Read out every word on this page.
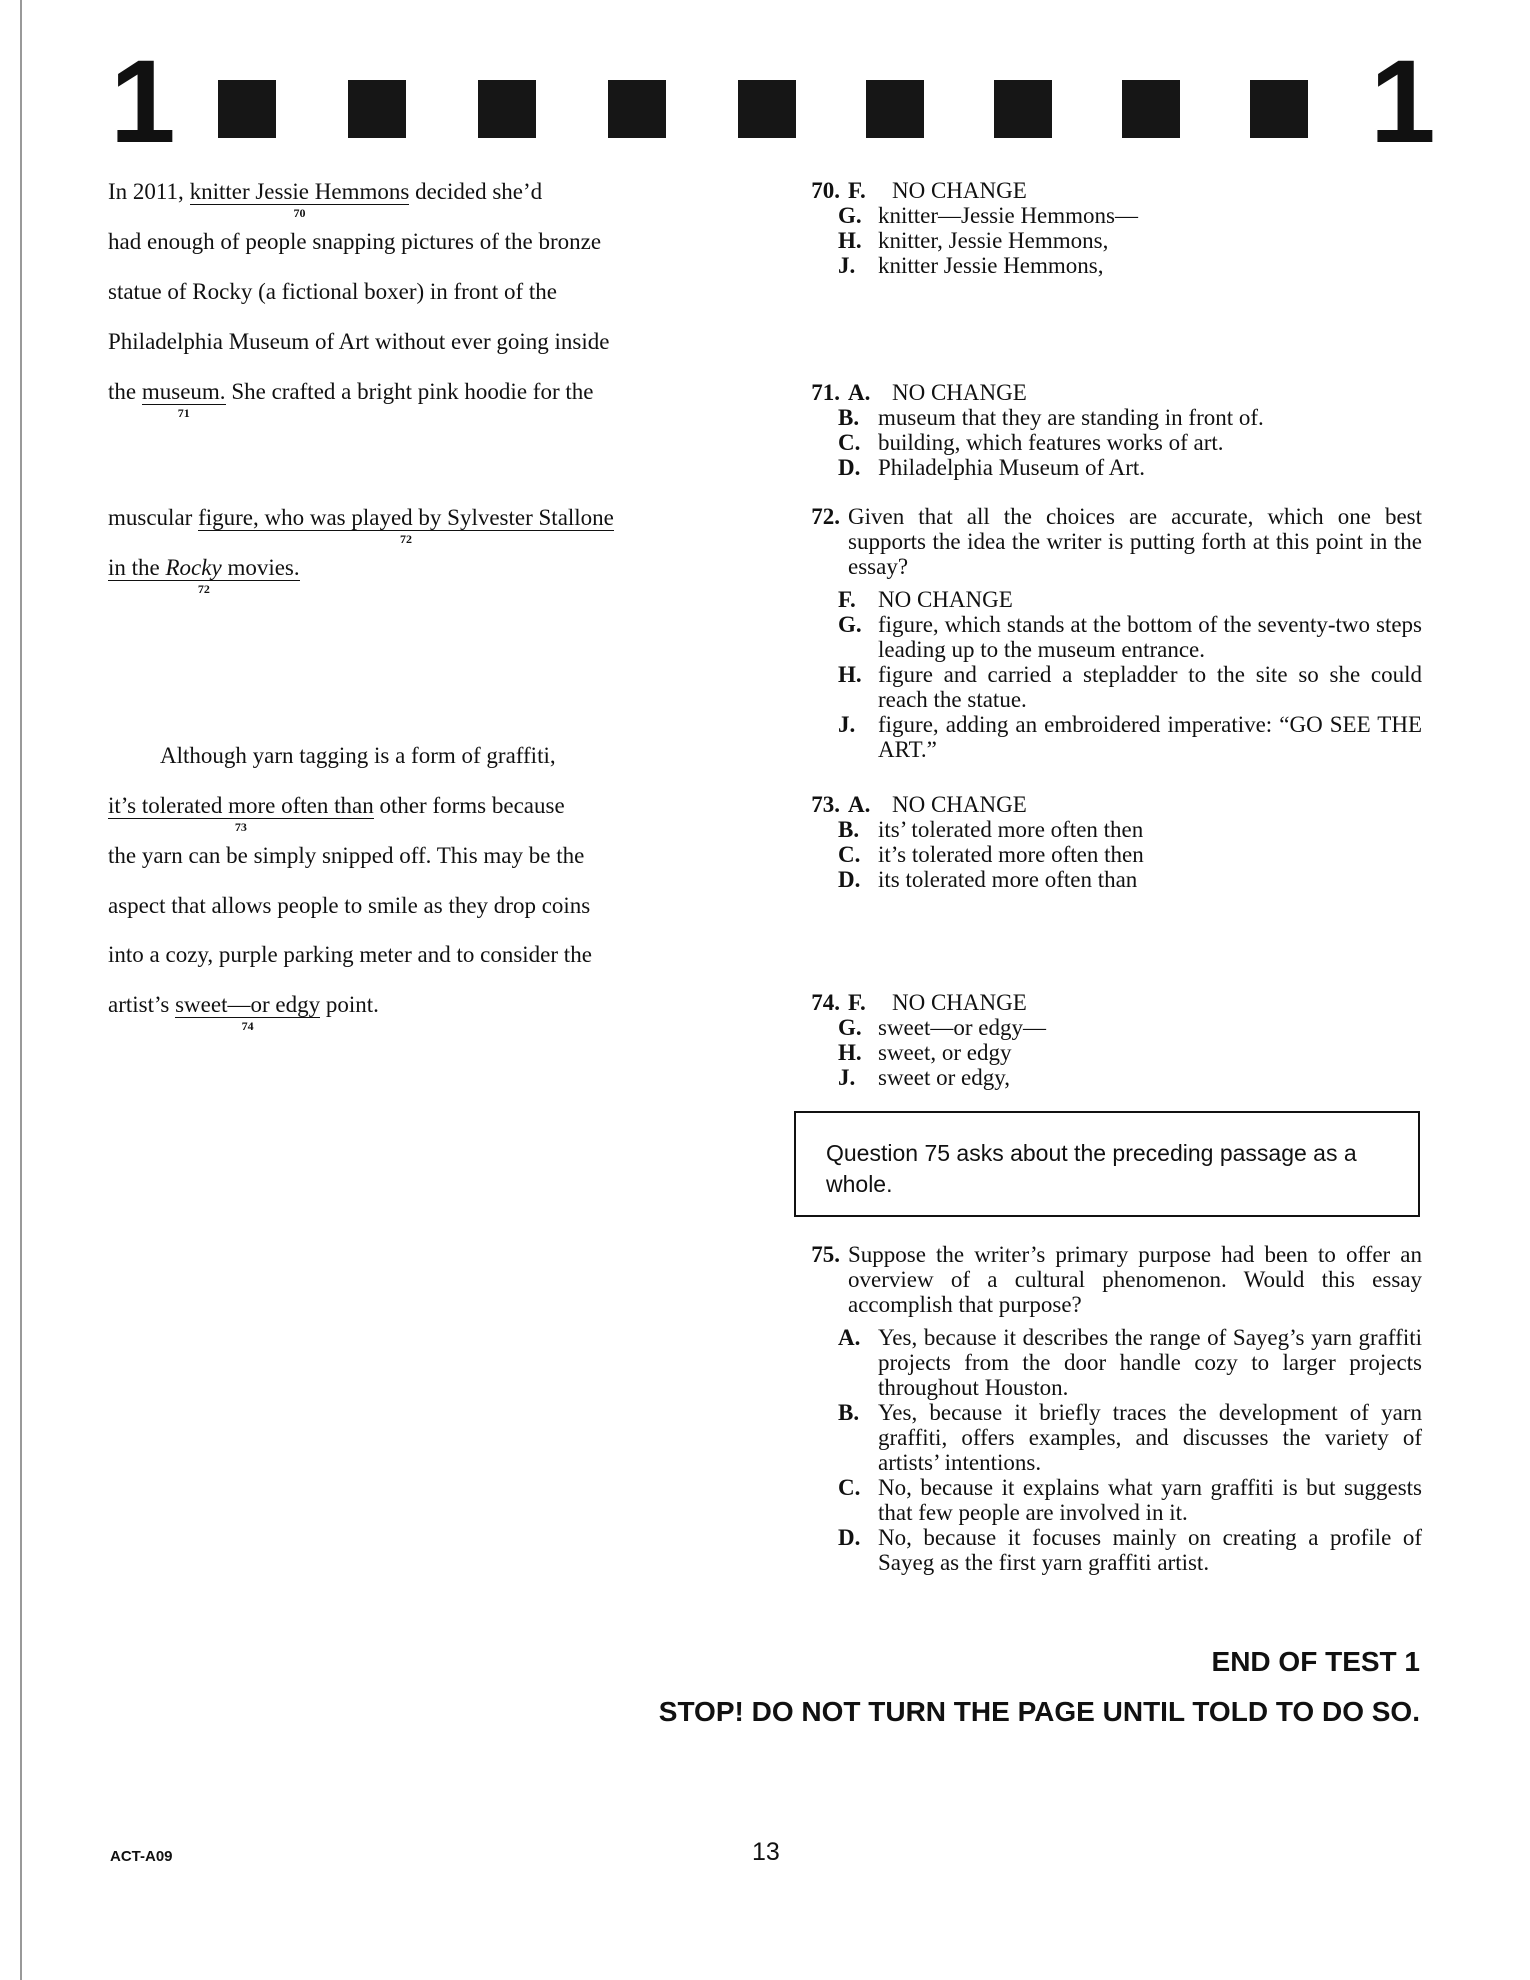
1	1
In 2011, knitter Jessie Hemmons
70
decided she’d
had enough of people snapping pictures of the bronze
statue of Rocky (a fictional boxer) in front of the
Philadelphia Museum of Art without ever going inside
the museum.
71
She crafted a bright pink hoodie for the
muscular figure, who was played by Sylvester Stallone
72
in the Rocky movies.
72
Although yarn tagging is a form of graffiti,
it’s tolerated more often than
73
other forms because
the yarn can be simply snipped off. This may be the
aspect that allows people to smile as they drop coins
into a cozy, purple parking meter and to consider the
artist’s sweet—or edgy
74
point.
70. F.	NO CHANGE
G. knitter—Jessie Hemmons—
H. knitter, Jessie Hemmons,
J. knitter Jessie Hemmons,
71. A. NO CHANGE
B. museum that they are standing in front of.
C. building, which features works of art.
D. Philadelphia Museum of Art.
72. Given that all the choices are accurate, which one best supports the idea the writer is putting forth at this point in the essay?
F. NO CHANGE
G. figure, which stands at the bottom of the seventy-two steps leading up to the museum entrance.
H. figure and carried a stepladder to the site so she could reach the statue.
J. figure, adding an embroidered imperative: “GO SEE THE ART.”
73. A. NO CHANGE
B. its’ tolerated more often then
C. it’s tolerated more often then
D. its tolerated more often than
74. F.	NO CHANGE
G. sweet—or edgy—
H. sweet, or edgy
J. sweet or edgy,
Question 75 asks about the preceding passage as a whole.
75. Suppose the writer’s primary purpose had been to offer an overview of a cultural phenomenon. Would this essay accomplish that purpose?
A. Yes, because it describes the range of Sayeg’s yarn graffiti projects from the door handle cozy to larger projects throughout Houston.
B. Yes, because it briefly traces the development of yarn graffiti, offers examples, and discusses the variety of artists’ intentions.
C. No, because it explains what yarn graffiti is but suggests that few people are involved in it.
D. No, because it focuses mainly on creating a profile of Sayeg as the first yarn graffiti artist.
END OF TEST 1
STOP! DO NOT TURN THE PAGE UNTIL TOLD TO DO SO.
ACT-A09	13
